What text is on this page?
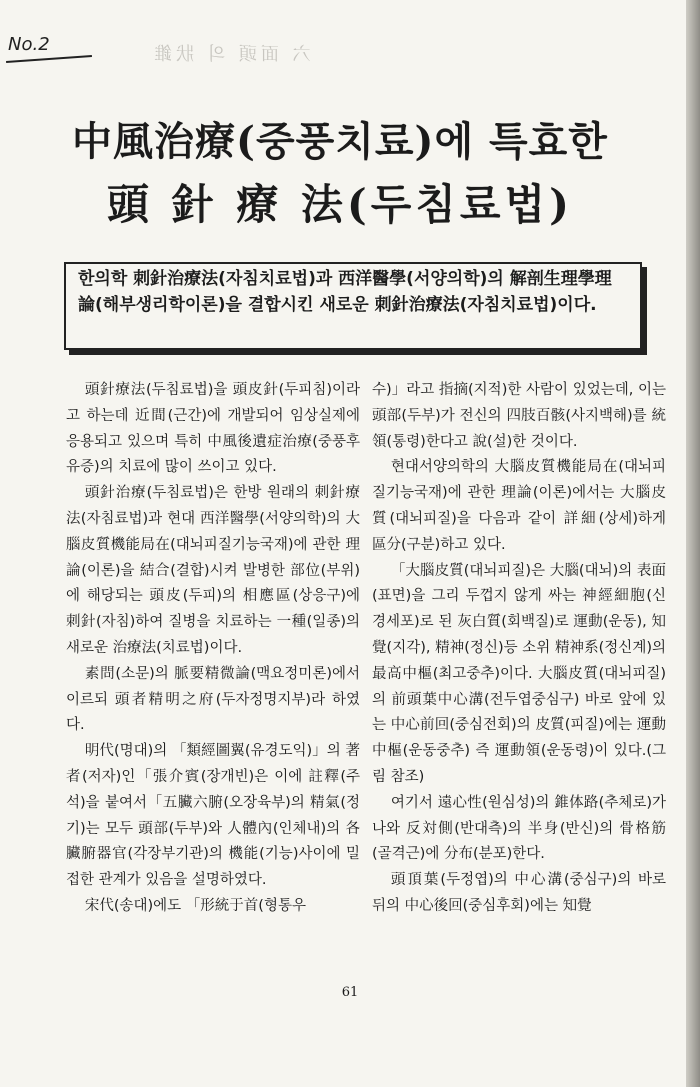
六 面頭 의 狀錐
No.2
中風治療(중풍치료)에 특효한
頭 針 療 法(두침료법)
한의학 刺針治療法(자침치료법)과 西洋醫學(서양의학)의 解剖生理學理論(해부생리학이론)을 결합시킨 새로운 刺針治療法(자침치료법)이다.

頭針療法(두침료법)을 頭皮針(두피침)이라고 하는데 近間(근간)에 개발되어 임상실제에 응용되고 있으며 특히 中風後遺症治療(중풍후유증)의 치료에 많이 쓰이고 있다.

頭針治療(두침료법)은 한방 원래의 刺針療法(자침료법)과 현대 西洋醫學(서양의학)의 大腦皮質機能局在(대뇌피질기능국재)에 관한 理論(이론)을 結合(결합)시켜 발병한 部位(부위)에 해당되는 頭皮(두피)의 相應區(상응구)에 刺針(자침)하여 질병을 치료하는 一種(일종)의 새로운 治療法(치료법)이다.

素問(소문)의 脈要精微論(맥요정미론)에서 이르되 頭者精明之府(두자정명지부)라 하였다.

明代(명대)의 「類經圖翼(유경도익)」의 著者(저자)인「張介賓(장개빈)은 이에 註釋(주석)을 붙여서「五臟六腑(오장육부)의 精氣(정기)는 모두 頭部(두부)와 人體內(인체내)의 各臟腑器官(각장부기관)의 機能(기능)사이에 밀접한 관계가 있음을 설명하였다.

宋代(송대)에도 「形統于首(형통우

수)」라고 指摘(지적)한 사람이 있었는데, 이는 頭部(두부)가 전신의 四肢百骸(사지백해)를 統領(통령)한다고 說(설)한 것이다.

현대서양의학의 大腦皮質機能局在(대뇌피질기능국재)에 관한 理論(이론)에서는 大腦皮質(대뇌피질)을 다음과 같이 詳細(상세)하게 區分(구분)하고 있다.

「大腦皮質(대뇌피질)은 大腦(대뇌)의 表面(표면)을 그리 두껍지 않게 싸는 神經細胞(신경세포)로 된 灰白質(회백질)로 運動(운동), 知覺(지각), 精神(정신)등 소위 精神系(정신계)의 最高中樞(최고중추)이다. 大腦皮質(대뇌피질)의 前頭葉中心溝(전두엽중심구) 바로 앞에 있는 中心前回(중심전회)의 皮質(피질)에는 運動中樞(운동중추) 즉 運動領(운동령)이 있다.(그림 참조)

여기서 遠心性(원심성)의 錐体路(추체로)가 나와 反対側(반대측)의 半身(반신)의 骨格筋(골격근)에 分布(분포)한다.

頭頂葉(두정엽)의 中心溝(중심구)의 바로 뒤의 中心後回(중심후회)에는 知覺

61
